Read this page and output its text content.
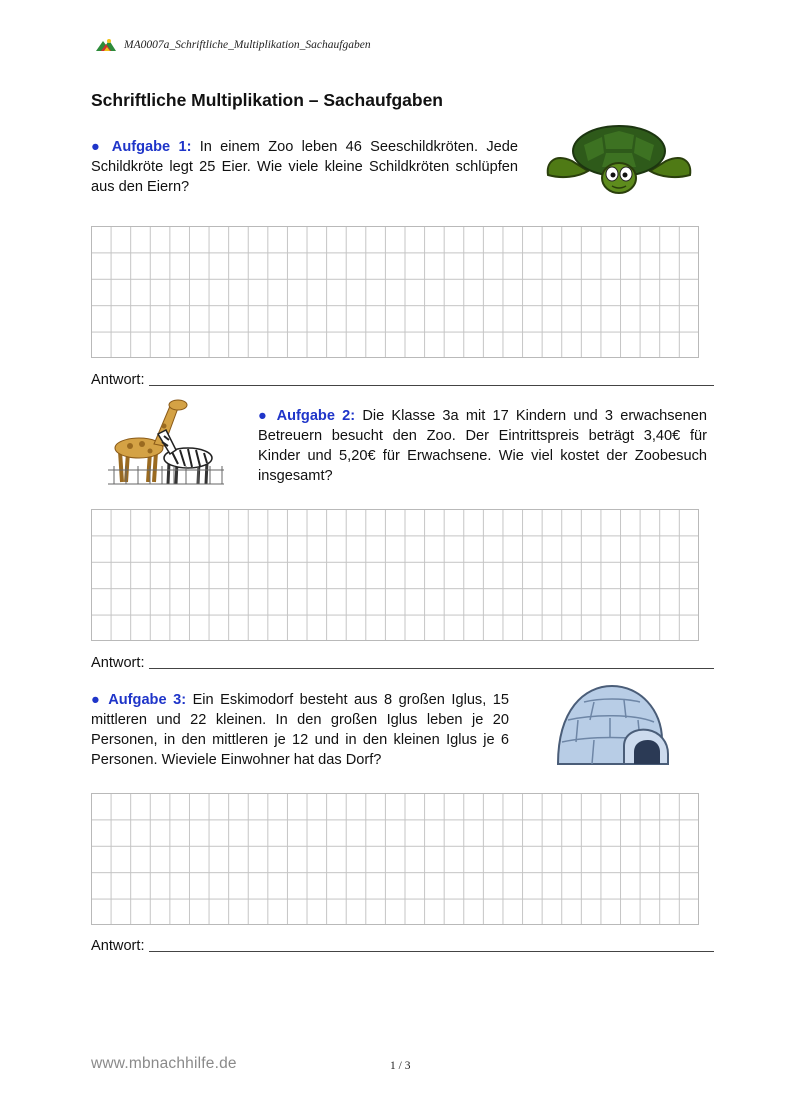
MA0007a_Schriftliche_Multiplikation_Sachaufgaben
Schriftliche Multiplikation – Sachaufgaben

● Aufgabe 1: In einem Zoo leben 46 Seeschildkröten. Jede Schildkröte legt 25 Eier. Wie viele kleine Schildkröten schlüpfen aus den Eiern?

Antwort:

● Aufgabe 2: Die Klasse 3a mit 17 Kindern und 3 erwachsenen Betreuern besucht den Zoo. Der Eintrittspreis beträgt 3,40€ für Kinder und 5,20€ für Erwachsene. Wie viel kostet der Zoobesuch insgesamt?

Antwort:

● Aufgabe 3: Ein Eskimodorf besteht aus 8 großen Iglus, 15 mittleren und 22 kleinen. In den großen Iglus leben je 20 Personen, in den mittleren je 12 und in den kleinen Iglus je 6 Personen. Wieviele Einwohner hat das Dorf?

Antwort:
www.mbnachhilfe.de	1 / 3
